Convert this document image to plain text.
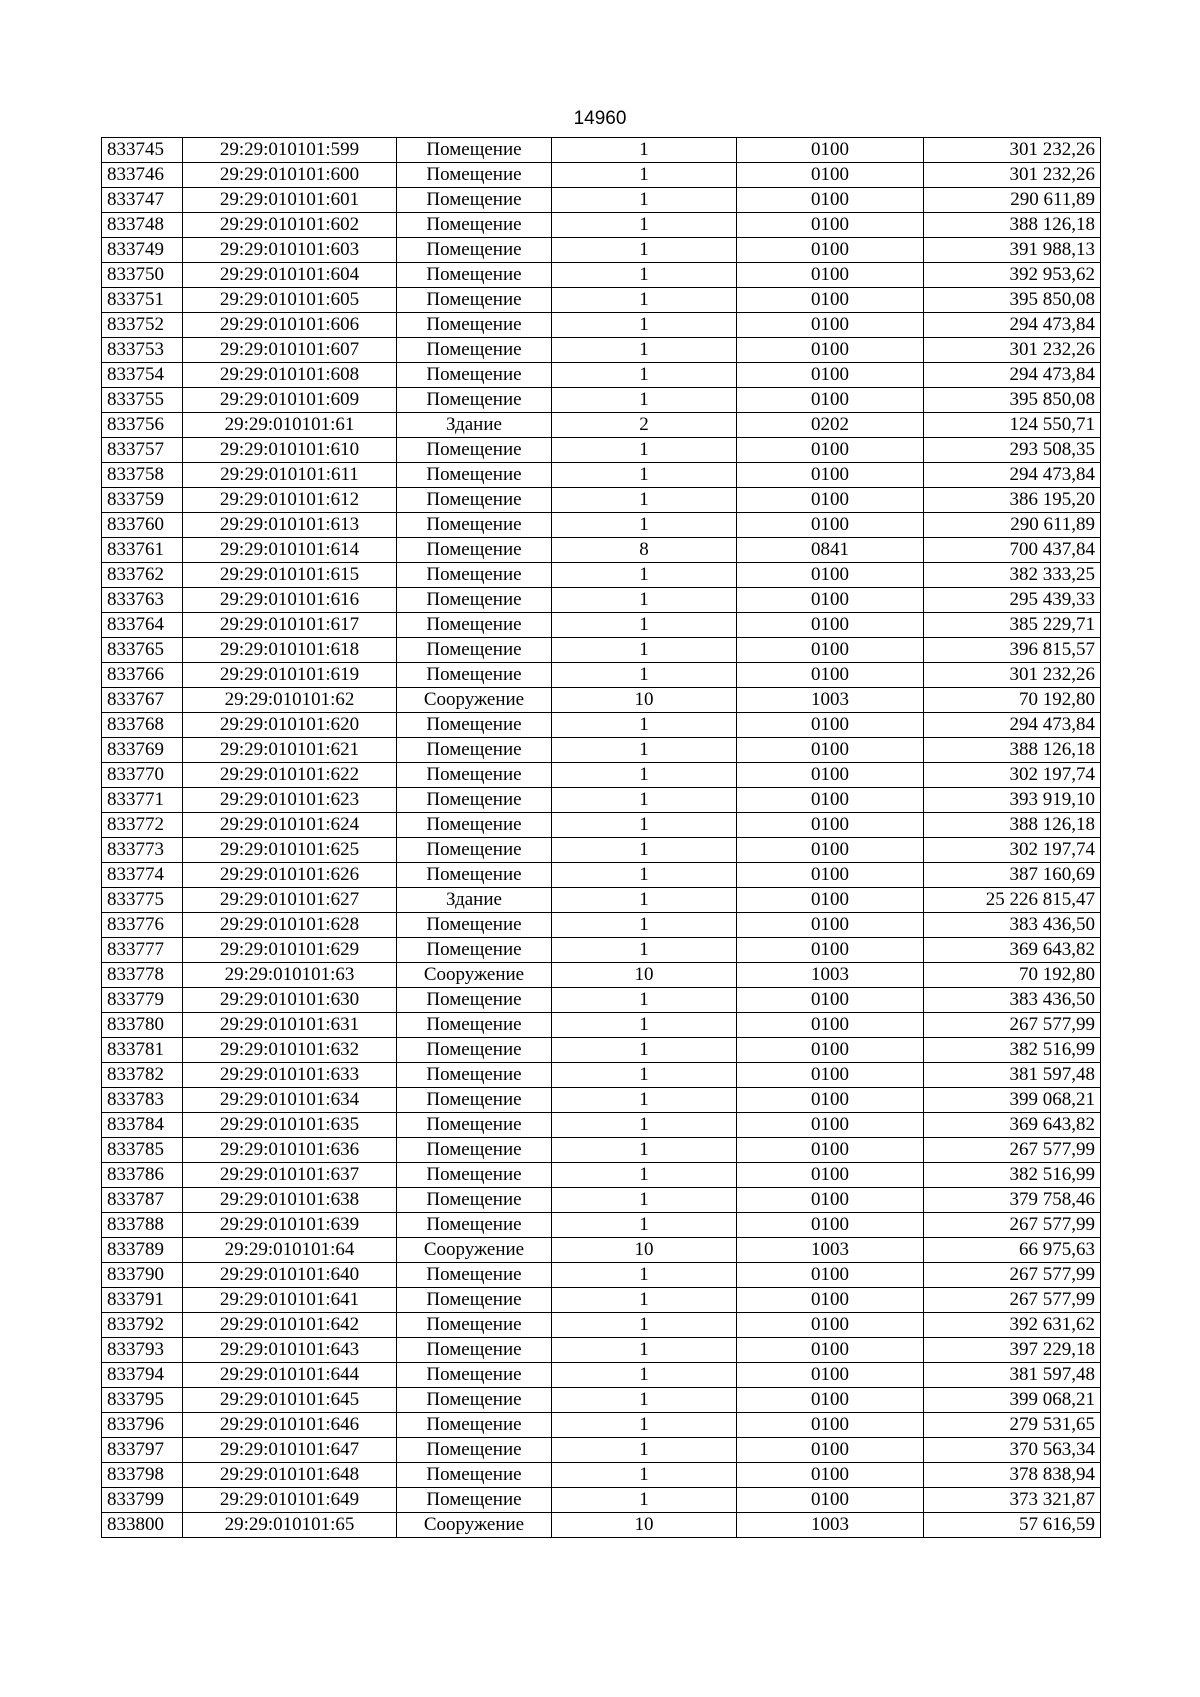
14960
833745	29:29:010101:599	Помещение	1	0100	301 232,26
833746	29:29:010101:600	Помещение	1	0100	301 232,26
833747	29:29:010101:601	Помещение	1	0100	290 611,89
833748	29:29:010101:602	Помещение	1	0100	388 126,18
833749	29:29:010101:603	Помещение	1	0100	391 988,13
833750	29:29:010101:604	Помещение	1	0100	392 953,62
833751	29:29:010101:605	Помещение	1	0100	395 850,08
833752	29:29:010101:606	Помещение	1	0100	294 473,84
833753	29:29:010101:607	Помещение	1	0100	301 232,26
833754	29:29:010101:608	Помещение	1	0100	294 473,84
833755	29:29:010101:609	Помещение	1	0100	395 850,08
833756	29:29:010101:61	Здание	2	0202	124 550,71
833757	29:29:010101:610	Помещение	1	0100	293 508,35
833758	29:29:010101:611	Помещение	1	0100	294 473,84
833759	29:29:010101:612	Помещение	1	0100	386 195,20
833760	29:29:010101:613	Помещение	1	0100	290 611,89
833761	29:29:010101:614	Помещение	8	0841	700 437,84
833762	29:29:010101:615	Помещение	1	0100	382 333,25
833763	29:29:010101:616	Помещение	1	0100	295 439,33
833764	29:29:010101:617	Помещение	1	0100	385 229,71
833765	29:29:010101:618	Помещение	1	0100	396 815,57
833766	29:29:010101:619	Помещение	1	0100	301 232,26
833767	29:29:010101:62	Сооружение	10	1003	70 192,80
833768	29:29:010101:620	Помещение	1	0100	294 473,84
833769	29:29:010101:621	Помещение	1	0100	388 126,18
833770	29:29:010101:622	Помещение	1	0100	302 197,74
833771	29:29:010101:623	Помещение	1	0100	393 919,10
833772	29:29:010101:624	Помещение	1	0100	388 126,18
833773	29:29:010101:625	Помещение	1	0100	302 197,74
833774	29:29:010101:626	Помещение	1	0100	387 160,69
833775	29:29:010101:627	Здание	1	0100	25 226 815,47
833776	29:29:010101:628	Помещение	1	0100	383 436,50
833777	29:29:010101:629	Помещение	1	0100	369 643,82
833778	29:29:010101:63	Сооружение	10	1003	70 192,80
833779	29:29:010101:630	Помещение	1	0100	383 436,50
833780	29:29:010101:631	Помещение	1	0100	267 577,99
833781	29:29:010101:632	Помещение	1	0100	382 516,99
833782	29:29:010101:633	Помещение	1	0100	381 597,48
833783	29:29:010101:634	Помещение	1	0100	399 068,21
833784	29:29:010101:635	Помещение	1	0100	369 643,82
833785	29:29:010101:636	Помещение	1	0100	267 577,99
833786	29:29:010101:637	Помещение	1	0100	382 516,99
833787	29:29:010101:638	Помещение	1	0100	379 758,46
833788	29:29:010101:639	Помещение	1	0100	267 577,99
833789	29:29:010101:64	Сооружение	10	1003	66 975,63
833790	29:29:010101:640	Помещение	1	0100	267 577,99
833791	29:29:010101:641	Помещение	1	0100	267 577,99
833792	29:29:010101:642	Помещение	1	0100	392 631,62
833793	29:29:010101:643	Помещение	1	0100	397 229,18
833794	29:29:010101:644	Помещение	1	0100	381 597,48
833795	29:29:010101:645	Помещение	1	0100	399 068,21
833796	29:29:010101:646	Помещение	1	0100	279 531,65
833797	29:29:010101:647	Помещение	1	0100	370 563,34
833798	29:29:010101:648	Помещение	1	0100	378 838,94
833799	29:29:010101:649	Помещение	1	0100	373 321,87
833800	29:29:010101:65	Сооружение	10	1003	57 616,59
